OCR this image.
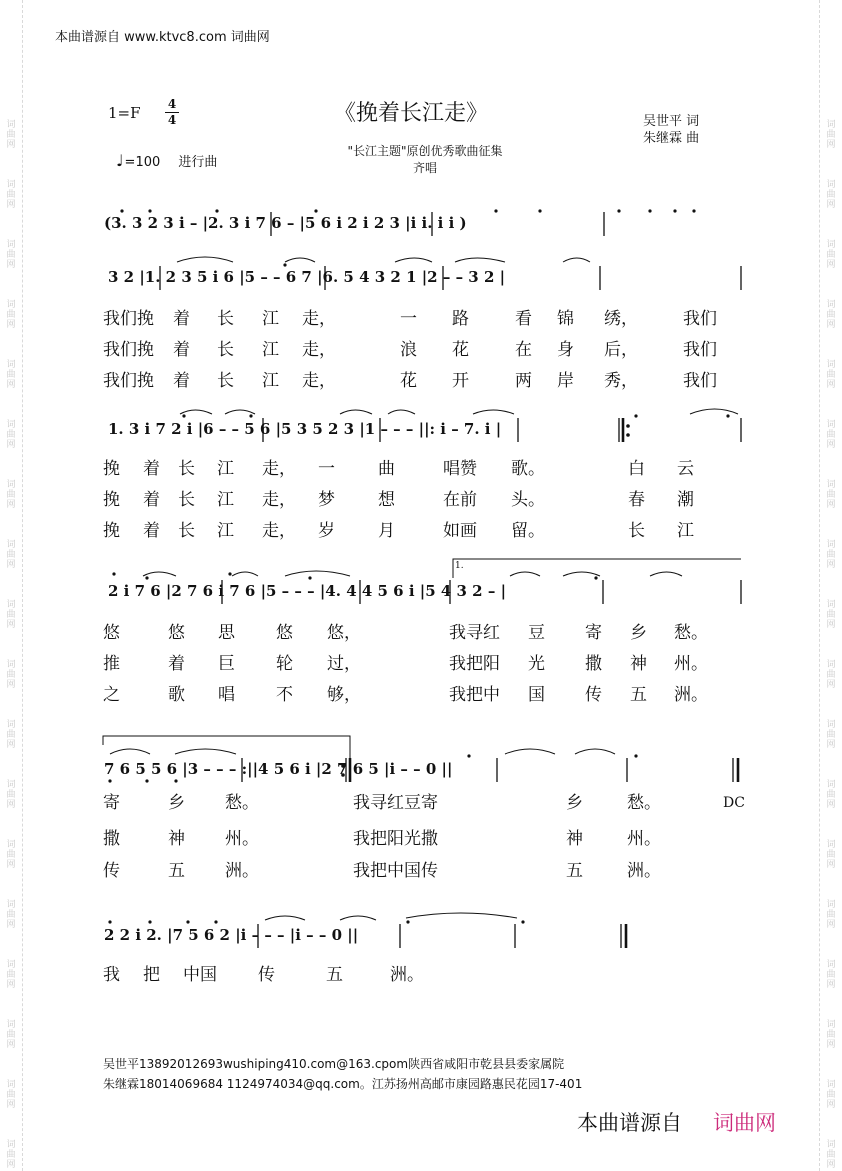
词
曲
网
词
曲
网
词
曲
网
词
曲
网
词
曲
网
词
曲
网
词
曲
网
词
曲
网
词
曲
网
词
曲
网
词
曲
网
词
曲
网
词
曲
网
词
曲
网
词
曲
网
词
曲
网
词
曲
网
词
曲
网
词
曲
网
词
曲
网
词
曲
网
词
曲
网
词
曲
网
词
曲
网
词
曲
网
词
曲
网
词
曲
网
词
曲
网
词
曲
网
词
曲
网
词
曲
网
词
曲
网
词
曲
网
词
曲
网
词
曲
网
词
曲
网
本曲谱源自 www.ktvc8.com 词曲网
1=F 4
4	《挽着长江走》	吴世平 词
朱继霖 曲
"长江主题"原创优秀歌曲征集
齐唱
♩=100 进行曲
(3. 3 2 3 i – |2. 3 i 7 6 – |5 6 i 2 i 2 3 |i i. i i )
3 2 |1. 2 3 5 i 6 |5 – – 6 7 |6. 5 4 3 2 1 |2 – – 3 2 |
1. 3 i 7 2 i |6 – – 5 6 |5 3 5 2 3 |1 – – – ||: i – 7. i |
2 i 7 6 |2 7 6 i 7 6 |5 – – – |4. 4 4 5 6 i |5 4 3 2 – |
7 6 5 5 6 |3 – – – :||4 5 6 i |2 7 6 5 |i – – 0 ||
2 2 i 2. |7 5 6 2 |i – – – |i – – 0 ||
1.
DC
我们挽 着 长 江 走，	一 路	看 锦 绣，	我们
我们挽 着 长 江 走，	浪 花	在 身 后，	我们
我们挽 着 长 江 走，	花 开	两 岸 秀，	我们
挽 着 长 江 走， 一	曲	唱赞 歌。	白 云
挽 着 长 江 走， 梦	想	在前 头。	春 潮
挽 着 长 江 走， 岁	月	如画 留。	长 江
悠	悠 思 悠 悠，	我寻红 豆 寄 乡 愁。
推	着 巨 轮 过，	我把阳 光 撒 神 州。
之	歌 唱 不 够，	我把中 国 传 五 洲。
寄	乡 愁。	我寻红豆寄	乡	愁。
撒	神 州。	我把阳光撒	神	州。
传	五 洲。	我把中国传	五	洲。
我 把 中国 传	五	洲。
吴世平13892012693wushiping410.com@163.cpom陕西省咸阳市乾县县委家属院
朱继霖18014069684 1124974034@qq.com。江苏扬州高邮市康园路惠民花园17-401
本曲谱源自 词曲网
